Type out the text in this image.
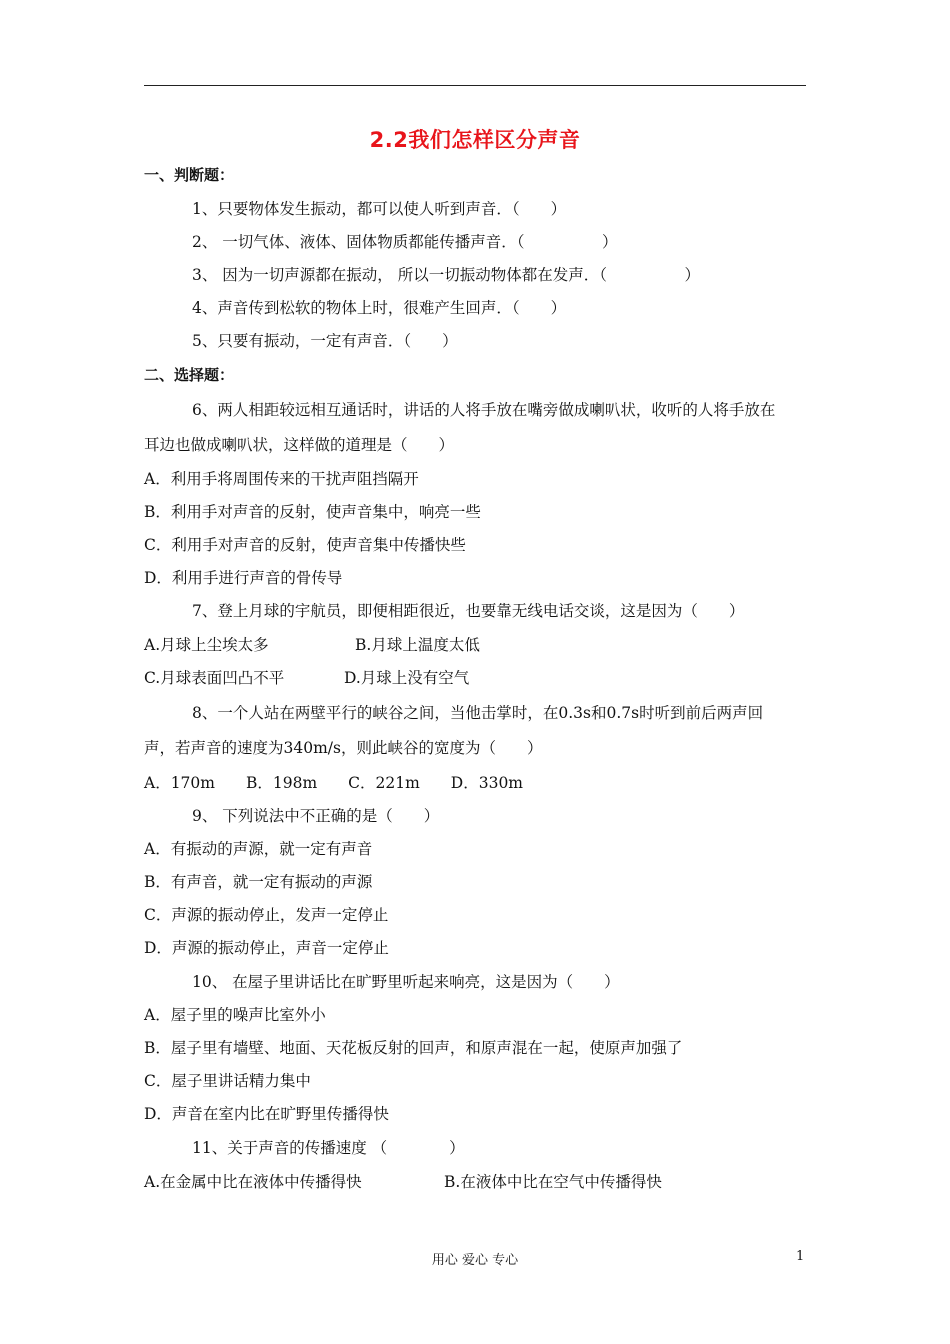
2.2我们怎样区分声音
一、判断题：
1、只要物体发生振动，都可以使人听到声音．（　　）
2、 一切气体、液体、固体物质都能传播声音．（　　　　　）
3、 因为一切声源都在振动， 所以一切振动物体都在发声．（　　　　　）
4、声音传到松软的物体上时，很难产生回声．（　　）
5、只要有振动，一定有声音．（　　）
二、选择题：
6、两人相距较远相互通话时，讲话的人将手放在嘴旁做成喇叭状，收听的人将手放在
耳边也做成喇叭状，这样做的道理是（　　）
A．利用手将周围传来的干扰声阻挡隔开
B．利用手对声音的反射，使声音集中，响亮一些
C．利用手对声音的反射，使声音集中传播快些
D．利用手进行声音的骨传导
7、登上月球的宇航员，即便相距很近，也要靠无线电话交谈，这是因为（　　）
A.月球上尘埃太多	B.月球上温度太低
C.月球表面凹凸不平	D.月球上没有空气
8、一个人站在两壁平行的峡谷之间，当他击掌时，在0.3s和0.7s时听到前后两声回
声，若声音的速度为340m/s，则此峡谷的宽度为（　　）
A．170m　　B．198m　　C．221m　　D．330m
9、 下列说法中不正确的是（　　）
A．有振动的声源，就一定有声音
B．有声音，就一定有振动的声源
C．声源的振动停止，发声一定停止
D．声源的振动停止，声音一定停止
10、 在屋子里讲话比在旷野里听起来响亮，这是因为（　　）
A．屋子里的噪声比室外小
B．屋子里有墙壁、地面、天花板反射的回声，和原声混在一起，使原声加强了
C．屋子里讲话精力集中
D．声音在室内比在旷野里传播得快
11、关于声音的传播速度 （　　　　）
A.在金属中比在液体中传播得快	B.在液体中比在空气中传播得快
用心 爱心 专心	1
